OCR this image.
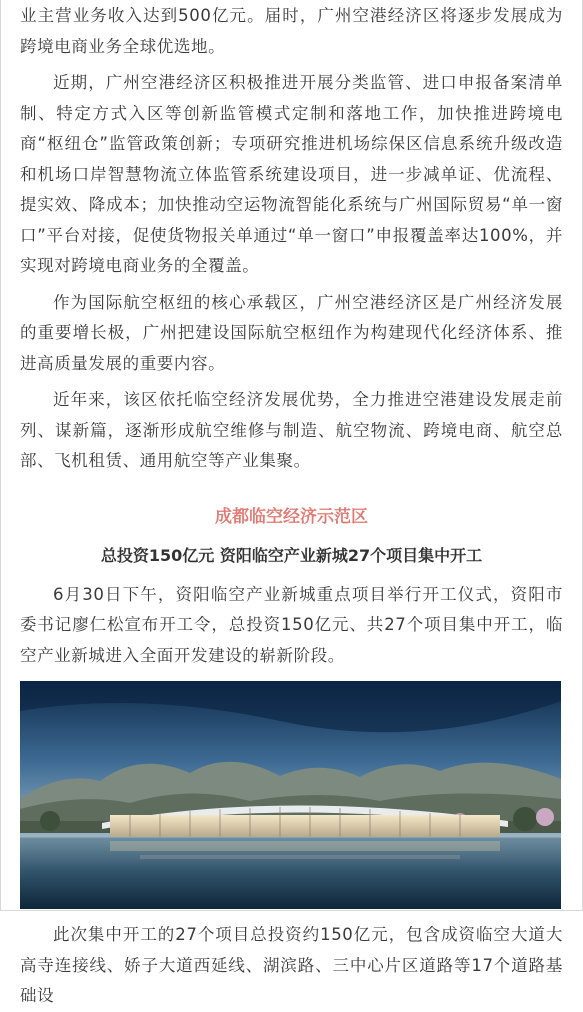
业主营业务收入达到500亿元。届时，广州空港经济区将逐步发展成为跨境电商业务全球优选地。

近期，广州空港经济区积极推进开展分类监管、进口申报备案清单制、特定方式入区等创新监管模式定制和落地工作，加快推进跨境电商“枢纽仓”监管政策创新；专项研究推进机场综保区信息系统升级改造和机场口岸智慧物流立体监管系统建设项目，进一步减单证、优流程、提实效、降成本；加快推动空运物流智能化系统与广州国际贸易“单一窗口”平台对接，促使货物报关单通过“单一窗口”申报覆盖率达100%，并实现对跨境电商业务的全覆盖。

作为国际航空枢纽的核心承载区，广州空港经济区是广州经济发展的重要增长极，广州把建设国际航空枢纽作为构建现代化经济体系、推进高质量发展的重要内容。

近年来，该区依托临空经济发展优势，全力推进空港建设发展走前列、谋新篇，逐渐形成航空维修与制造、航空物流、跨境电商、航空总部、飞机租赁、通用航空等产业集聚。

成都临空经济示范区

总投资150亿元 资阳临空产业新城27个项目集中开工

6月30日下午，资阳临空产业新城重点项目举行开工仪式，资阳市委书记廖仁松宣布开工令，总投资150亿元、共27个项目集中开工，临空产业新城进入全面开发建设的崭新阶段。

此次集中开工的27个项目总投资约150亿元，包含成资临空大道大高寺连接线、娇子大道西延线、湖滨路、三中心片区道路等17个道路基础设
